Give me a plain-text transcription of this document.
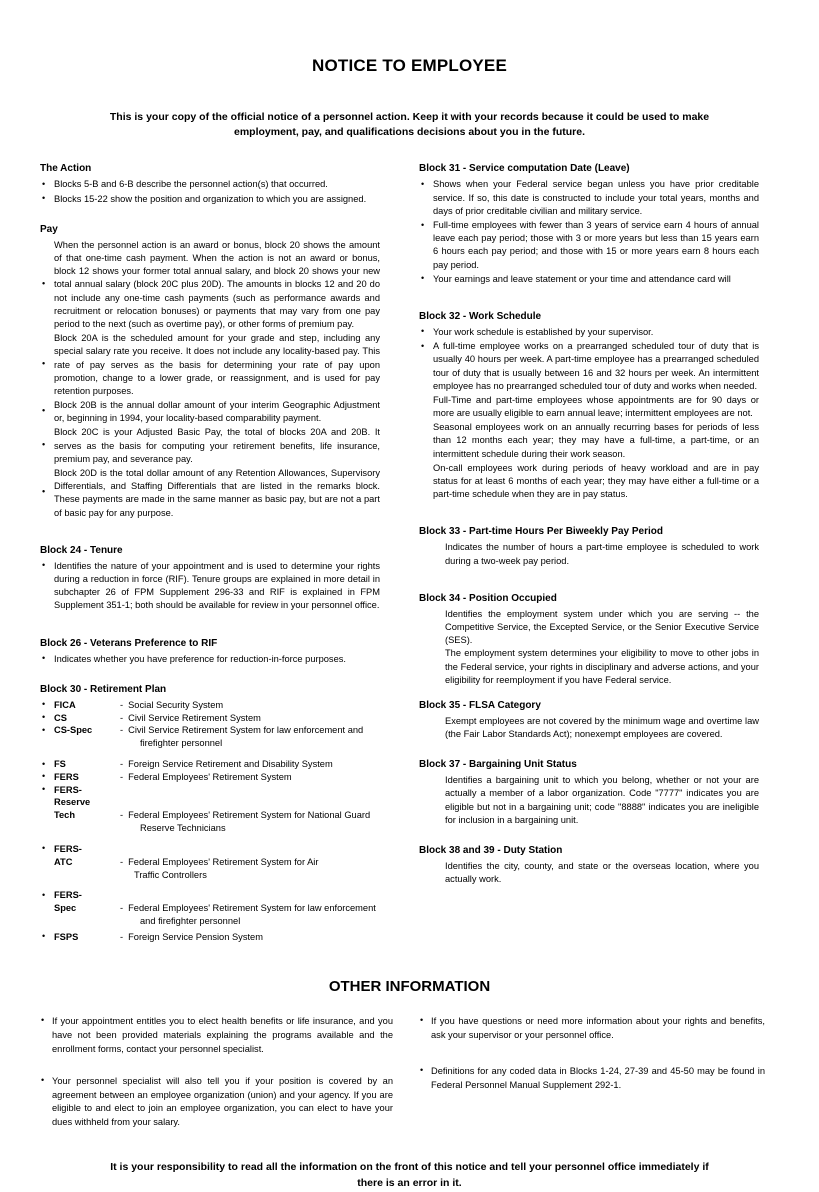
NOTICE TO EMPLOYEE

This is your copy of the official notice of a personnel action. Keep it with your records because it could be used to make employment, pay, and qualifications decisions about you in the future.

The Action
• Blocks 5-B and 6-B describe the personnel action(s) that occurred.
• Blocks 15-22 show the position and organization to which you are assigned.
Pay
• When the personnel action is an award or bonus, block 20 shows the amount of that one-time cash payment. When the action is not an award or bonus, block 12 shows your former total annual salary, and block 20 shows your new total annual salary (block 20C plus 20D). The amounts in blocks 12 and 20 do not include any one-time cash payments (such as performance awards and recruitment or relocation bonuses) or payments that may vary from one pay period to the next (such as overtime pay), or other forms of premium pay.
• Block 20A is the scheduled amount for your grade and step, including any special salary rate you receive. It does not include any locality-based pay. This rate of pay serves as the basis for determining your rate of pay upon promotion, change to a lower grade, or reassignment, and is used for pay retention purposes.
• Block 20B is the annual dollar amount of your interim Geographic Adjustment or, beginning in 1994, your locality-based comparability payment.
• Block 20C is your Adjusted Basic Pay, the total of blocks 20A and 20B. It serves as the basis for computing your retirement benefits, life insurance, premium pay, and severance pay.
• Block 20D is the total dollar amount of any Retention Allowances, Supervisory Differentials, and Staffing Differentials that are listed in the remarks block. These payments are made in the same manner as basic pay, but are not a part of basic pay for any purpose.
Block 24 - Tenure
• Identifies the nature of your appointment and is used to determine your rights during a reduction in force (RIF). Tenure groups are explained in more detail in subchapter 26 of FPM Supplement 296-33 and RIF is explained in FPM Supplement 351-1; both should be available for review in your personnel office.
Block 26 - Veterans Preference to RIF
• Indicates whether you have preference for reduction-in-force purposes.
Block 30 - Retirement Plan
• FICA	- Social Security System
• CS	- Civil Service Retirement System
• CS-Spec	- Civil Service Retirement System for law enforcement and
firefighter personnel
• FS	- Foreign Service Retirement and Disability System
• FERS	- Federal Employees' Retirement System
• FERS-
Reserve
Tech	- Federal Employees' Retirement System for National Guard
Reserve Technicians
• FERS-
ATC	- Federal Employees' Retirement System for Air
Traffic Controllers
• FERS-
Spec	- Federal Employees' Retirement System for law enforcement
and firefighter personnel
• FSPS	- Foreign Service Pension System
Block 31 - Service computation Date (Leave)
• Shows when your Federal service began unless you have prior creditable service. If so, this date is constructed to include your total years, months and days of prior creditable civilian and military service.
• Full-time employees with fewer than 3 years of service earn 4 hours of annual leave each pay period; those with 3 or more years but less than 15 years earn 6 hours each pay period; and those with 15 or more years earn 8 hours each pay period.
• Your earnings and leave statement or your time and attendance card will
Block 32 - Work Schedule
• Your work schedule is established by your supervisor.
• A full-time employee works on a prearranged scheduled tour of duty that is usually 40 hours per week. A part-time employee has a prearranged scheduled tour of duty that is usually between 16 and 32 hours per week. An intermittent employee has no prearranged scheduled tour of duty and works when needed.
Full-Time and part-time employees whose appointments are for 90 days or more are usually eligible to earn annual leave; intermittent employees are not.
Seasonal employees work on an annually recurring bases for periods of less than 12 months each year; they may have a full-time, a part-time, or an intermittent schedule during their work season.
On-call employees work during periods of heavy workload and are in pay status for at least 6 months of each year; they may have either a full-time or a part-time schedule when they are in pay status.
Block 33 - Part-time Hours Per Biweekly Pay Period

Indicates the number of hours a part-time employee is scheduled to work during a two-week pay period.

Block 34 - Position Occupied

Identifies the employment system under which you are serving -- the Competitive Service, the Excepted Service, or the Senior Executive Service (SES).

The employment system determines your eligibility to move to other jobs in the Federal service, your rights in disciplinary and adverse actions, and your eligibility for reemployment if you have Federal service.

Block 35 - FLSA Category

Exempt employees are not covered by the minimum wage and overtime law (the Fair Labor Standards Act); nonexempt employees are covered.

Block 37 - Bargaining Unit Status

Identifies a bargaining unit to which you belong, whether or not your are actually a member of a labor organization. Code "7777" indicates you are eligible but not in a bargaining unit; code "8888" indicates you are ineligible for inclusion in a bargaining unit.

Block 38 and 39 - Duty Station

Identifies the city, county, and state or the overseas location, where you actually work.

OTHER INFORMATION
• If your appointment entitles you to elect health benefits or life insurance, and you have not been provided materials explaining the programs available and the enrollment forms, contact your personnel specialist.
• Your personnel specialist will also tell you if your position is covered by an agreement between an employee organization (union) and your agency. If you are eligible to and elect to join an employee organization, you can elect to have your dues withheld from your salary.
• If you have questions or need more information about your rights and benefits, ask your supervisor or your personnel office.
• Definitions for any coded data in Blocks 1-24, 27-39 and 45-50 may be found in Federal Personnel Manual Supplement 292-1.

It is your responsibility to read all the information on the front of this notice and tell your personnel office immediately if there is an error in it.
